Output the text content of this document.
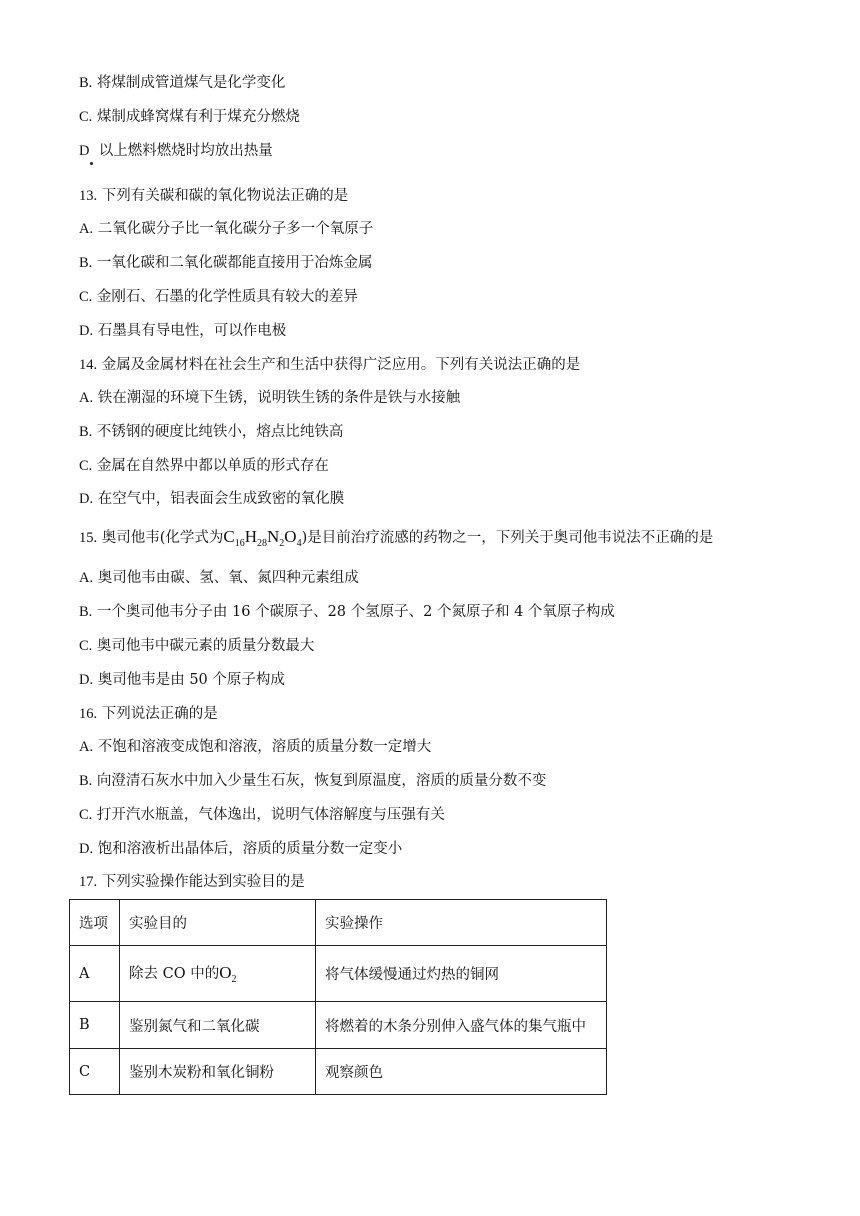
B. 将煤制成管道煤气是化学变化
C. 煤制成蜂窝煤有利于煤充分燃烧
D 以上燃料燃烧时均放出热量
13. 下列有关碳和碳的氧化物说法正确的是
A. 二氧化碳分子比一氧化碳分子多一个氧原子
B. 一氧化碳和二氧化碳都能直接用于冶炼金属
C. 金刚石、石墨的化学性质具有较大的差异
D. 石墨具有导电性，可以作电极
14. 金属及金属材料在社会生产和生活中获得广泛应用。下列有关说法正确的是
A. 铁在潮湿的环境下生锈，说明铁生锈的条件是铁与水接触
B. 不锈钢的硬度比纯铁小，熔点比纯铁高
C. 金属在自然界中都以单质的形式存在
D. 在空气中，铝表面会生成致密的氧化膜
15. 奥司他韦(化学式为$C_{16}H_{28}N_2O_4$)是目前治疗流感的药物之一，下列关于奥司他韦说法不正确的是
A. 奥司他韦由碳、氢、氧、氮四种元素组成
B. 一个奥司他韦分子由 16 个碳原子、28 个氢原子、2 个氮原子和 4 个氧原子构成
C. 奥司他韦中碳元素的质量分数最大
D. 奥司他韦是由 50 个原子构成
16. 下列说法正确的是
A. 不饱和溶液变成饱和溶液，溶质的质量分数一定增大
B. 向澄清石灰水中加入少量生石灰，恢复到原温度，溶质的质量分数不变
C. 打开汽水瓶盖，气体逸出，说明气体溶解度与压强有关
D. 饱和溶液析出晶体后，溶质的质量分数一定变小
17. 下列实验操作能达到实验目的是
选项	实验目的	实验操作
A	除去 CO 中的$O_2$	将气体缓慢通过灼热的铜网
B	鉴别氮气和二氧化碳	将燃着的木条分别伸入盛气体的集气瓶中
C	鉴别木炭粉和氧化铜粉	观察颜色
